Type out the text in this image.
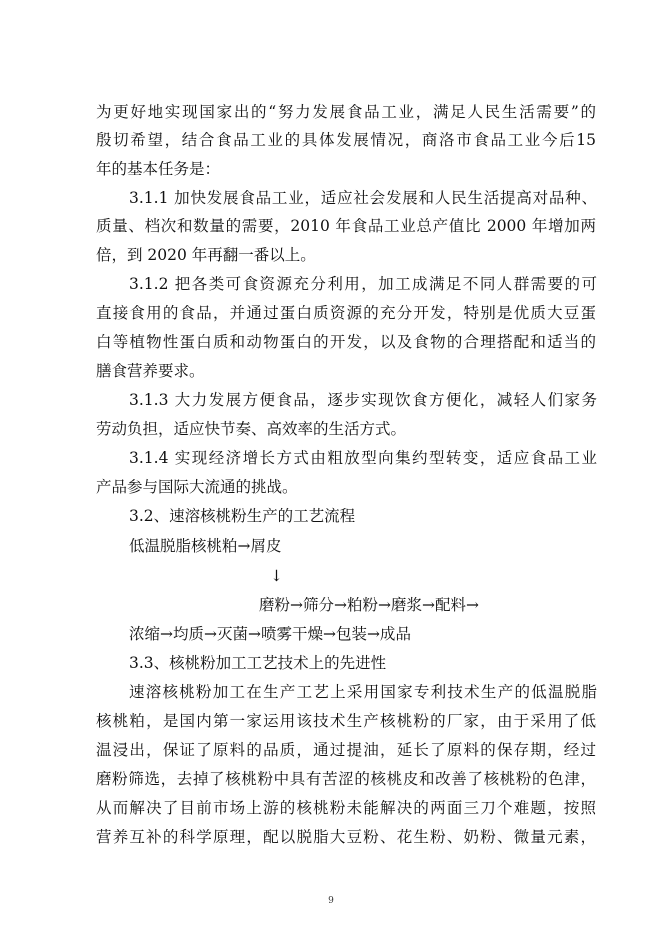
为更好地实现国家出的“努力发展食品工业，满足人民生活需要”的
殷切希望，结合食品工业的具体发展情况，商洛市食品工业今后15
年的基本任务是：
3.1.1 加快发展食品工业，适应社会发展和人民生活提高对品种、
质量、档次和数量的需要，2010 年食品工业总产值比 2000 年增加两
倍，到 2020 年再翻一番以上。
3.1.2 把各类可食资源充分利用，加工成满足不同人群需要的可
直接食用的食品，并通过蛋白质资源的充分开发，特别是优质大豆蛋
白等植物性蛋白质和动物蛋白的开发，以及食物的合理搭配和适当的
膳食营养要求。
3.1.3 大力发展方便食品，逐步实现饮食方便化，减轻人们家务
劳动负担，适应快节奏、高效率的生活方式。
3.1.4 实现经济增长方式由粗放型向集约型转变，适应食品工业
产品参与国际大流通的挑战。
3.2、速溶核桃粉生产的工艺流程
低温脱脂核桃粕→屑皮
↓
磨粉→筛分→粕粉→磨浆→配料→
浓缩→均质→灭菌→喷雾干燥→包装→成品
3.3、核桃粉加工工艺技术上的先进性
速溶核桃粉加工在生产工艺上采用国家专利技术生产的低温脱脂
核桃粕，是国内第一家运用该技术生产核桃粉的厂家，由于采用了低
温浸出，保证了原料的品质，通过提油，延长了原料的保存期，经过
磨粉筛选，去掉了核桃粉中具有苦涩的核桃皮和改善了核桃粉的色津，
从而解决了目前市场上游的核桃粉未能解决的两面三刀个难题，按照
营养互补的科学原理，配以脱脂大豆粉、花生粉、奶粉、微量元素，
9
